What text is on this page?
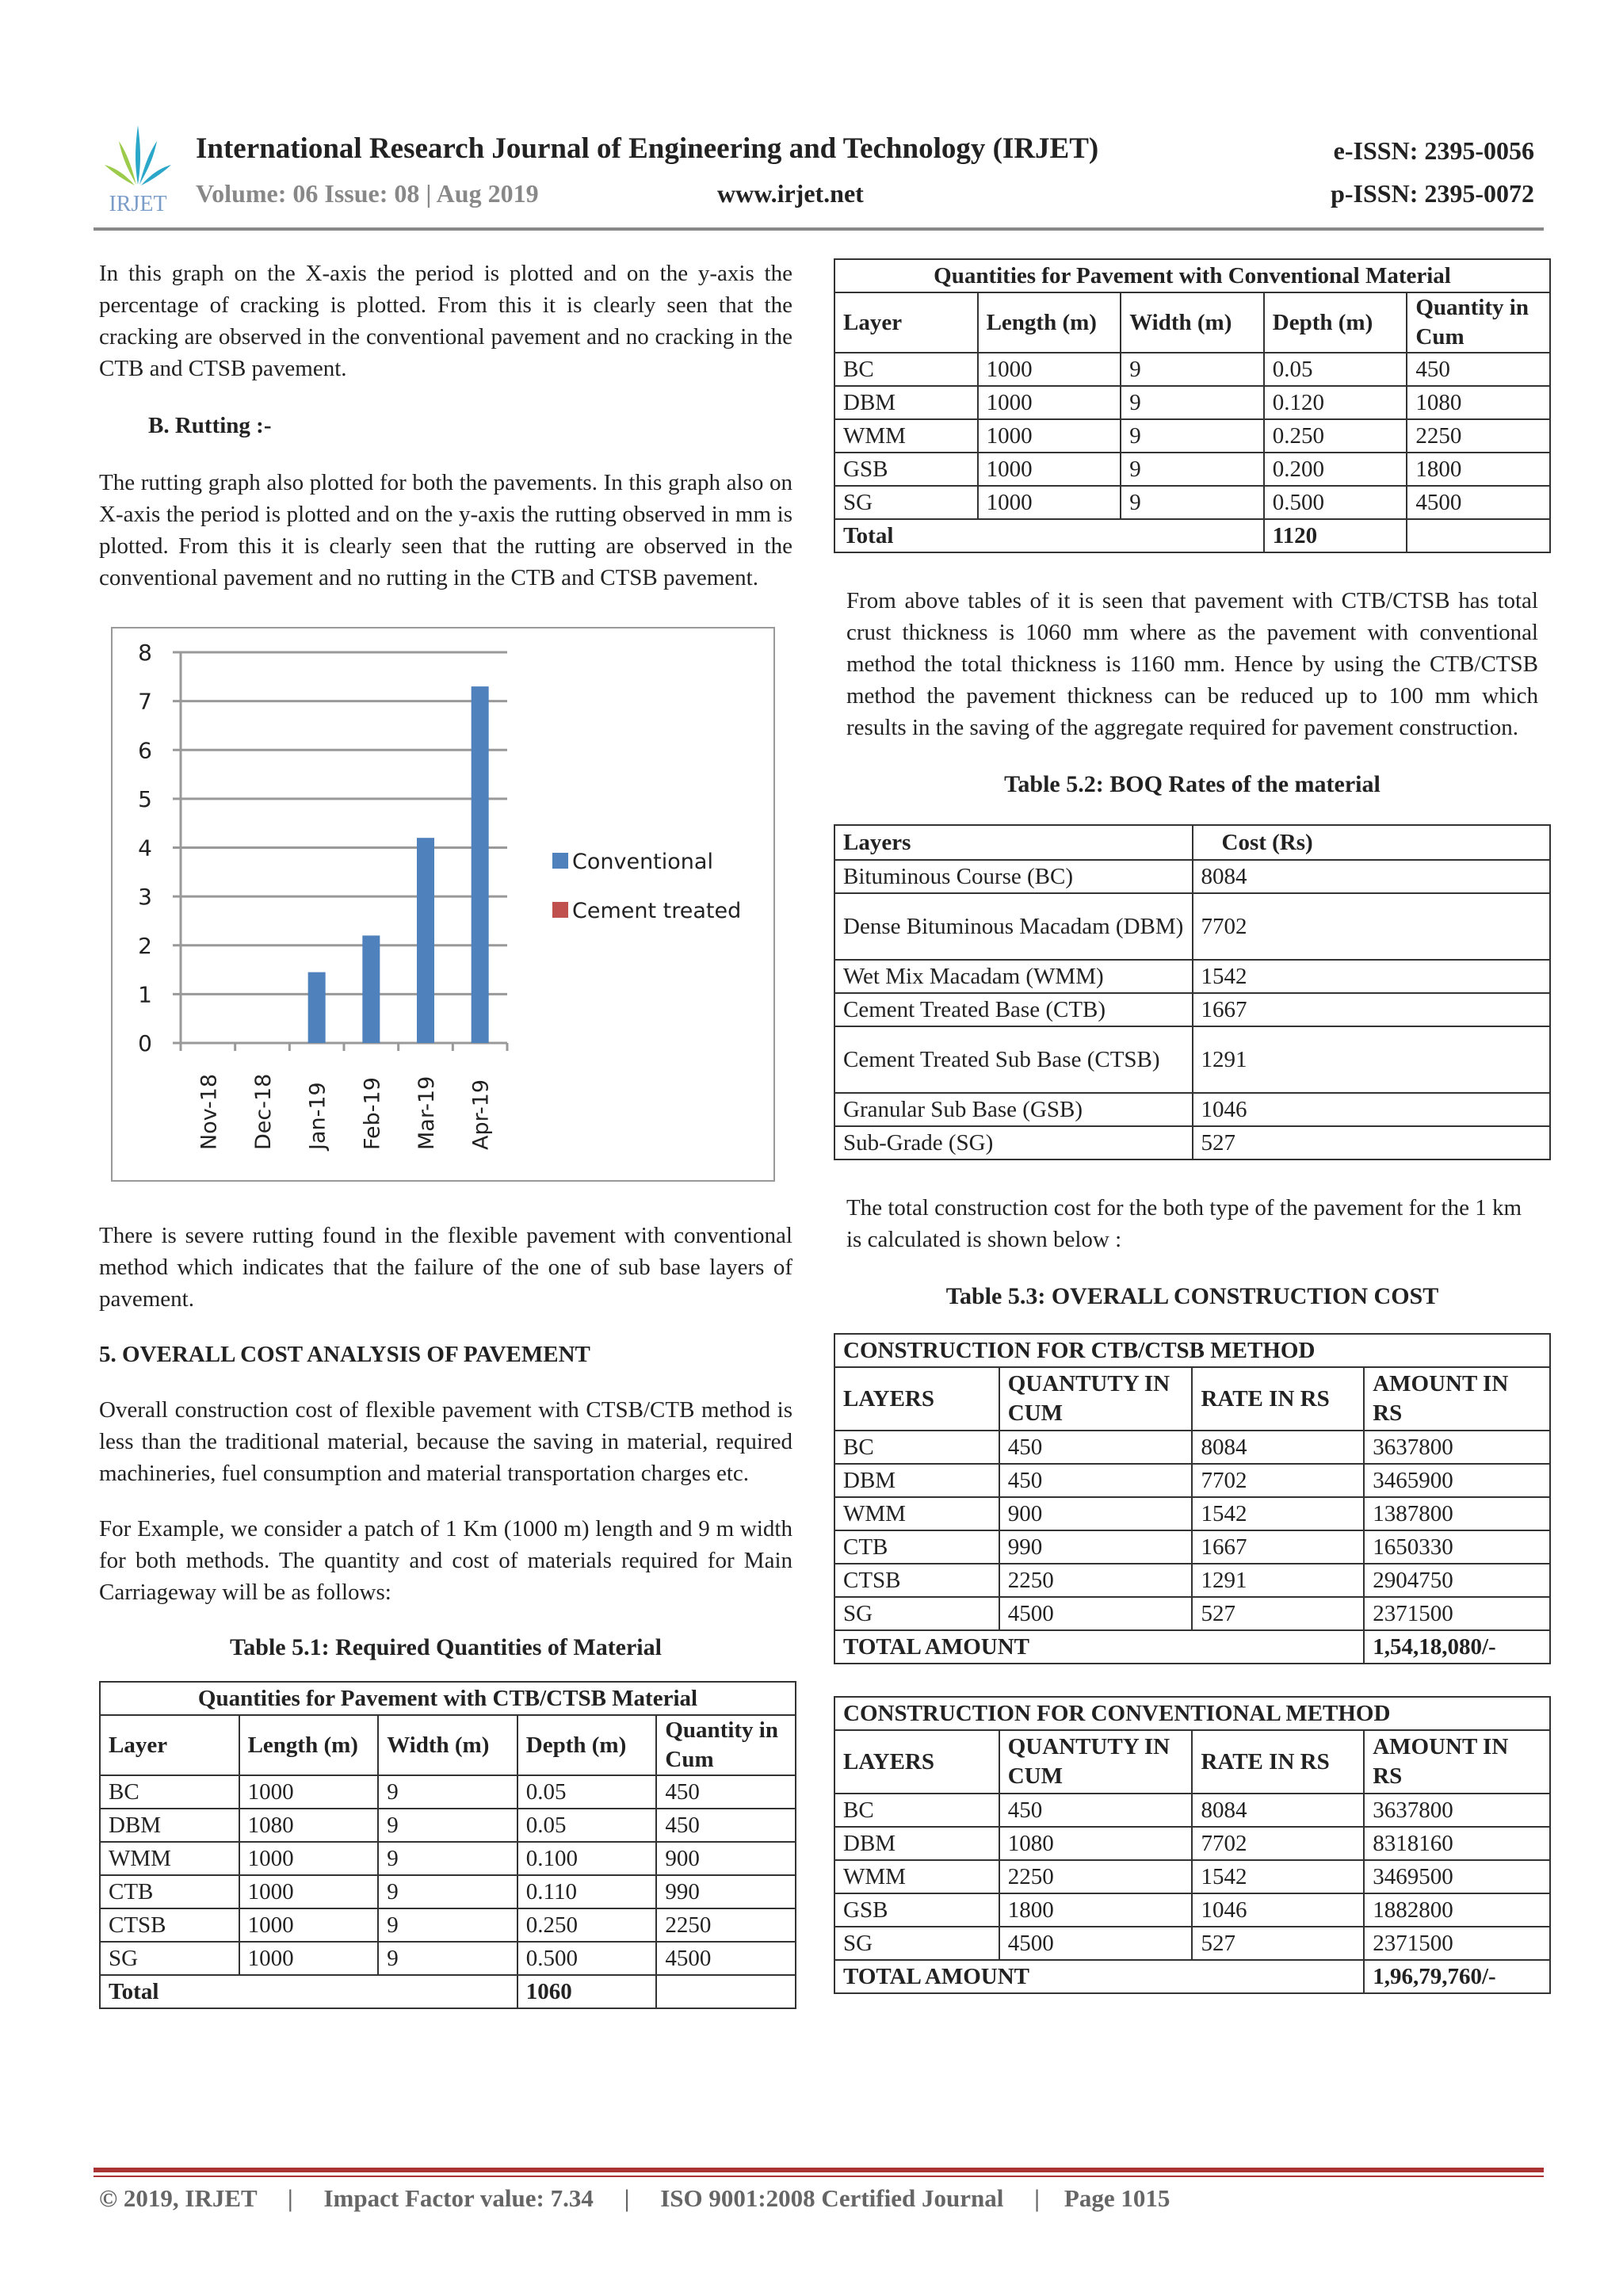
IRJET
International Research Journal of Engineering and Technology (IRJET)
Volume: 06 Issue: 08 | Aug 2019	www.irjet.net
e-ISSN: 2395-0056
p-ISSN: 2395-0072

In this graph on the X-axis the period is plotted and on the y-axis the percentage of cracking is plotted. From this it is clearly seen that the cracking are observed in the conventional pavement and no cracking in the CTB and CTSB pavement.

B. Rutting :-

The rutting graph also plotted for both the pavements. In this graph also on X-axis the period is plotted and on the y-axis the rutting observed in mm is plotted. From this it is clearly seen that the rutting are observed in the conventional pavement and no rutting in the CTB and CTSB pavement.

0
1
2
3
4
5
6
7
8
Nov-18 Dec-18 Jan-19 Feb-19 Mar-19 Apr-19
Conventional
Cement treated

There is severe rutting found in the flexible pavement with conventional method which indicates that the failure of the one of sub base layers of pavement.

5. OVERALL COST ANALYSIS OF PAVEMENT

Overall construction cost of flexible pavement with CTSB/CTB method is less than the traditional material, because the saving in material, required machineries, fuel consumption and material transportation charges etc.

For Example, we consider a patch of 1 Km (1000 m) length and 9 m width for both methods. The quantity and cost of materials required for Main Carriageway will be as follows:

Table 5.1: Required Quantities of Material

Quantities for Pavement with CTB/CTSB Material				
Layer	Length (m)	Width (m)	Depth (m)	Quantity in Cum
BC	1000	9	0.05	450
DBM	1080	9	0.05	450
WMM	1000	9	0.100	900
CTB	1000	9	0.110	990
CTSB	1000	9	0.250	2250
SG	1000	9	0.500	4500
Total			1060	
Quantities for Pavement with Conventional Material				
Layer	Length (m)	Width (m)	Depth (m)	Quantity in Cum
BC	1000	9	0.05	450
DBM	1000	9	0.120	1080
WMM	1000	9	0.250	2250
GSB	1000	9	0.200	1800
SG	1000	9	0.500	4500
Total			1120	

From above tables of it is seen that pavement with CTB/CTSB has total crust thickness is 1060 mm where as the pavement with conventional method the total thickness is 1160 mm. Hence by using the CTB/CTSB method the pavement thickness can be reduced up to 100 mm which results in the saving of the aggregate required for pavement construction.

Table 5.2: BOQ Rates of the material

Layers	Cost (Rs)
Bituminous Course (BC)	8084
Dense Bituminous Macadam (DBM)	7702
Wet Mix Macadam (WMM)	1542
Cement Treated Base (CTB)	1667
Cement Treated Sub Base (CTSB)	1291
Granular Sub Base (GSB)	1046
Sub-Grade (SG)	527

The total construction cost for the both type of the pavement for the 1 km is calculated is shown below :

Table 5.3: OVERALL CONSTRUCTION COST

CONSTRUCTION FOR CTB/CTSB METHOD			
LAYERS	QUANTUTY IN CUM	RATE IN RS	AMOUNT IN RS
BC	450	8084	3637800
DBM	450	7702	3465900
WMM	900	1542	1387800
CTB	990	1667	1650330
CTSB	2250	1291	2904750
SG	4500	527	2371500
TOTAL AMOUNT			1,54,18,080/-
CONSTRUCTION FOR CONVENTIONAL METHOD			
LAYERS	QUANTUTY IN CUM	RATE IN RS	AMOUNT IN RS
BC	450	8084	3637800
DBM	1080	7702	8318160
WMM	2250	1542	3469500
GSB	1800	1046	1882800
SG	4500	527	2371500
TOTAL AMOUNT			1,96,79,760/-
© 2019, IRJET | Impact Factor value: 7.34 | ISO 9001:2008 Certified Journal | Page 1015
